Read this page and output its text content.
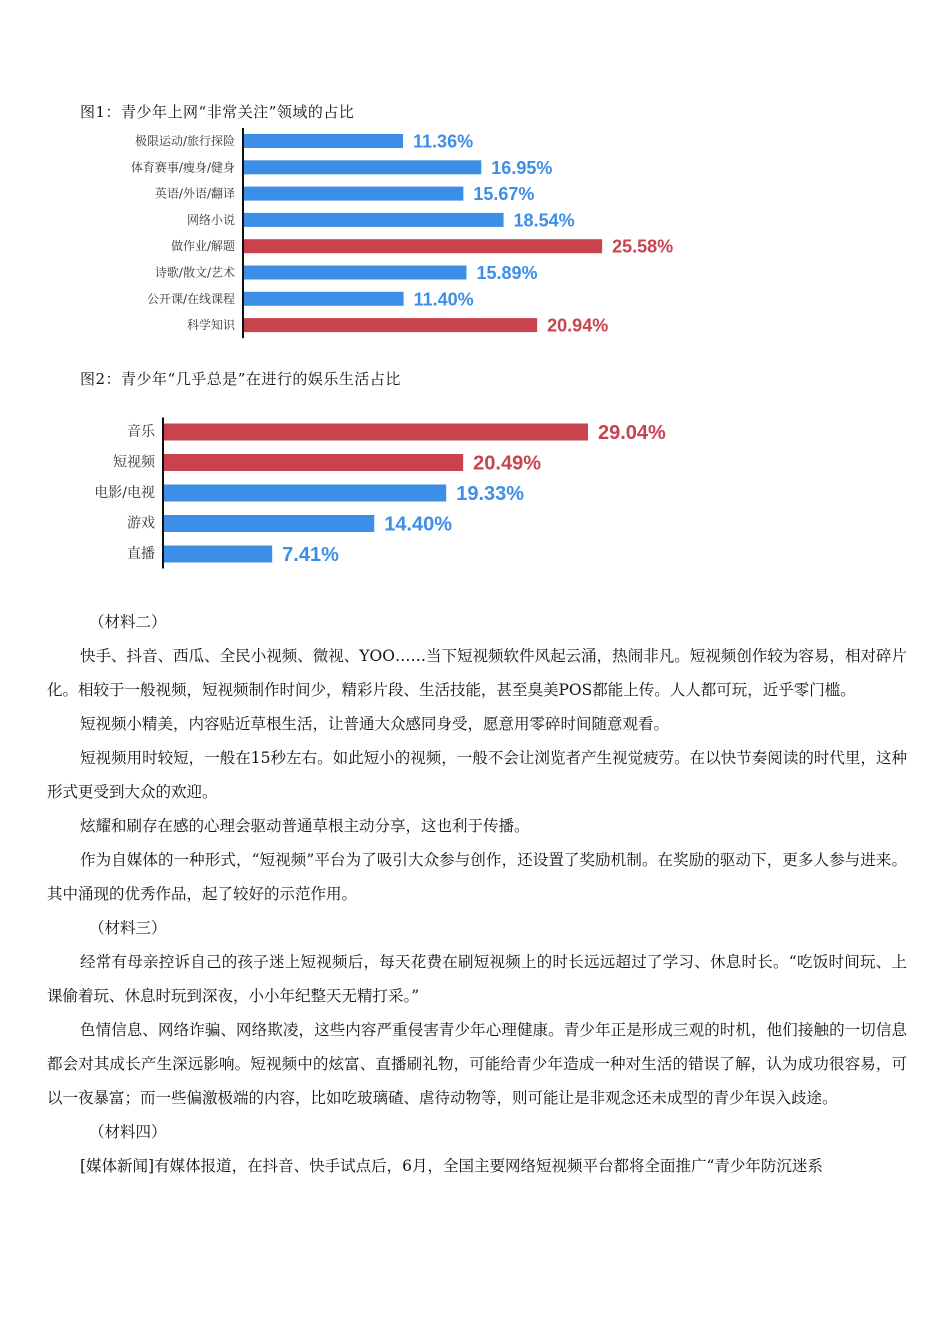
图1：青少年上网“非常关注”领域的占比
极限运动/旅行探险	11.36%
体育赛事/瘦身/健身	16.95%
英语/外语/翻译	15.67%
网络小说	18.54%
做作业/解题	25.58%
诗歌/散文/艺术	15.89%
公开课/在线课程	11.40%
科学知识	20.94%
图2：青少年“几乎总是”在进行的娱乐生活占比
音乐	29.04%
短视频	20.49%
电影/电视	19.33%
游戏	14.40%
直播	7.41%

（材料二）

快手、抖音、西瓜、全民小视频、微视、YOO……当下短视频软件风起云涌，热闹非凡。短视频创作较为容易，相对碎片化。相较于一般视频，短视频制作时间少，精彩片段、生活技能，甚至臭美POS都能上传。人人都可玩，近乎零门槛。

短视频小精美，内容贴近草根生活，让普通大众感同身受，愿意用零碎时间随意观看。

短视频用时较短，一般在15秒左右。如此短小的视频，一般不会让浏览者产生视觉疲劳。在以快节奏阅读的时代里，这种形式更受到大众的欢迎。

炫耀和刷存在感的心理会驱动普通草根主动分享，这也利于传播。

作为自媒体的一种形式，“短视频”平台为了吸引大众参与创作，还设置了奖励机制。在奖励的驱动下，更多人参与进来。其中涌现的优秀作品，起了较好的示范作用。

（材料三）

经常有母亲控诉自己的孩子迷上短视频后，每天花费在刷短视频上的时长远远超过了学习、休息时长。“吃饭时间玩、上课偷着玩、休息时玩到深夜，小小年纪整天无精打采。”

色情信息、网络诈骗、网络欺凌，这些内容严重侵害青少年心理健康。青少年正是形成三观的时机，他们接触的一切信息都会对其成长产生深远影响。短视频中的炫富、直播刷礼物，可能给青少年造成一种对生活的错误了解，认为成功很容易，可以一夜暴富；而一些偏激极端的内容，比如吃玻璃碴、虐待动物等，则可能让是非观念还未成型的青少年误入歧途。

（材料四）

[媒体新闻]有媒体报道，在抖音、快手试点后，6月，全国主要网络短视频平台都将全面推广“青少年防沉迷系
